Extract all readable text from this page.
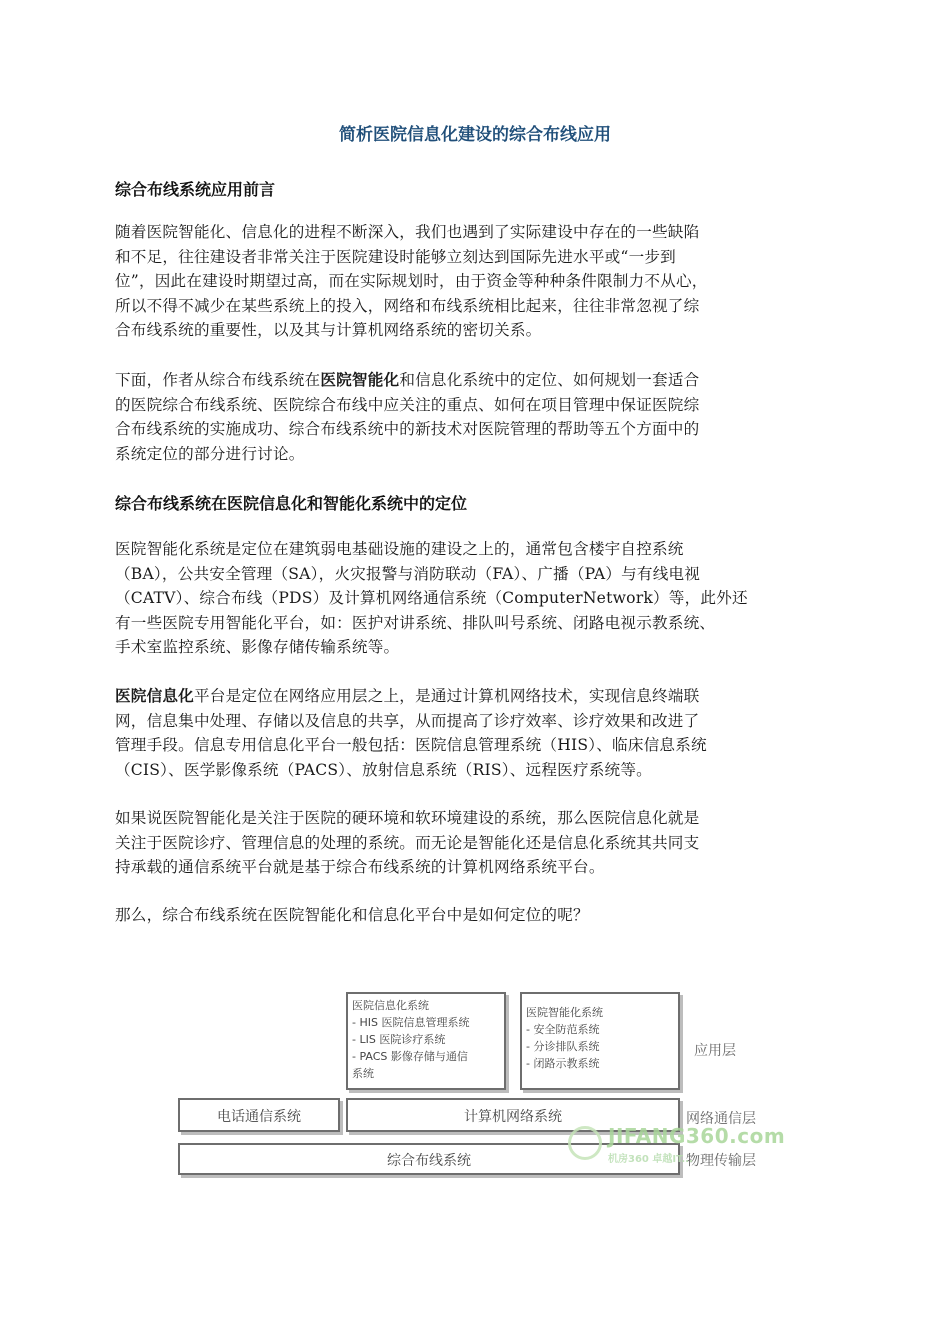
简析医院信息化建设的综合布线应用
综合布线系统应用前言
随着医院智能化、信息化的进程不断深入，我们也遇到了实际建设中存在的一些缺陷
和不足，往往建设者非常关注于医院建设时能够立刻达到国际先进水平或“一步到
位”，因此在建设时期望过高，而在实际规划时，由于资金等种种条件限制力不从心，
所以不得不减少在某些系统上的投入，网络和布线系统相比起来，往往非常忽视了综
合布线系统的重要性，以及其与计算机网络系统的密切关系。
下面，作者从综合布线系统在医院智能化和信息化系统中的定位、如何规划一套适合
的医院综合布线系统、医院综合布线中应关注的重点、如何在项目管理中保证医院综
合布线系统的实施成功、综合布线系统中的新技术对医院管理的帮助等五个方面中的
系统定位的部分进行讨论。
综合布线系统在医院信息化和智能化系统中的定位
医院智能化系统是定位在建筑弱电基础设施的建设之上的，通常包含楼宇自控系统
（BA），公共安全管理（SA），火灾报警与消防联动（FA）、广播（PA）与有线电视
（CATV）、综合布线（PDS）及计算机网络通信系统（ComputerNetwork）等，此外还
有一些医院专用智能化平台，如：医护对讲系统、排队叫号系统、闭路电视示教系统、
手术室监控系统、影像存储传输系统等。
医院信息化平台是定位在网络应用层之上，是通过计算机网络技术，实现信息终端联
网，信息集中处理、存储以及信息的共享，从而提高了诊疗效率、诊疗效果和改进了
管理手段。信息专用信息化平台一般包括：医院信息管理系统（HIS）、临床信息系统
（CIS）、医学影像系统（PACS）、放射信息系统（RIS）、远程医疗系统等。
如果说医院智能化是关注于医院的硬环境和软环境建设的系统，那么医院信息化就是
关注于医院诊疗、管理信息的处理的系统。而无论是智能化还是信息化系统其共同支
持承载的通信系统平台就是基于综合布线系统的计算机网络系统平台。
那么，综合布线系统在医院智能化和信息化平台中是如何定位的呢？
医院信息化系统
- HIS 医院信息管理系统
- LIS 医院诊疗系统
- PACS 影像存储与通信
系统
医院智能化系统
- 安全防范系统
- 分诊排队系统
- 闭路示教系统
应用层
电话通信系统	计算机网络系统	网络通信层
综合布线系统	物理传输层
JIFANG360.com
机房360 卓越IT...
